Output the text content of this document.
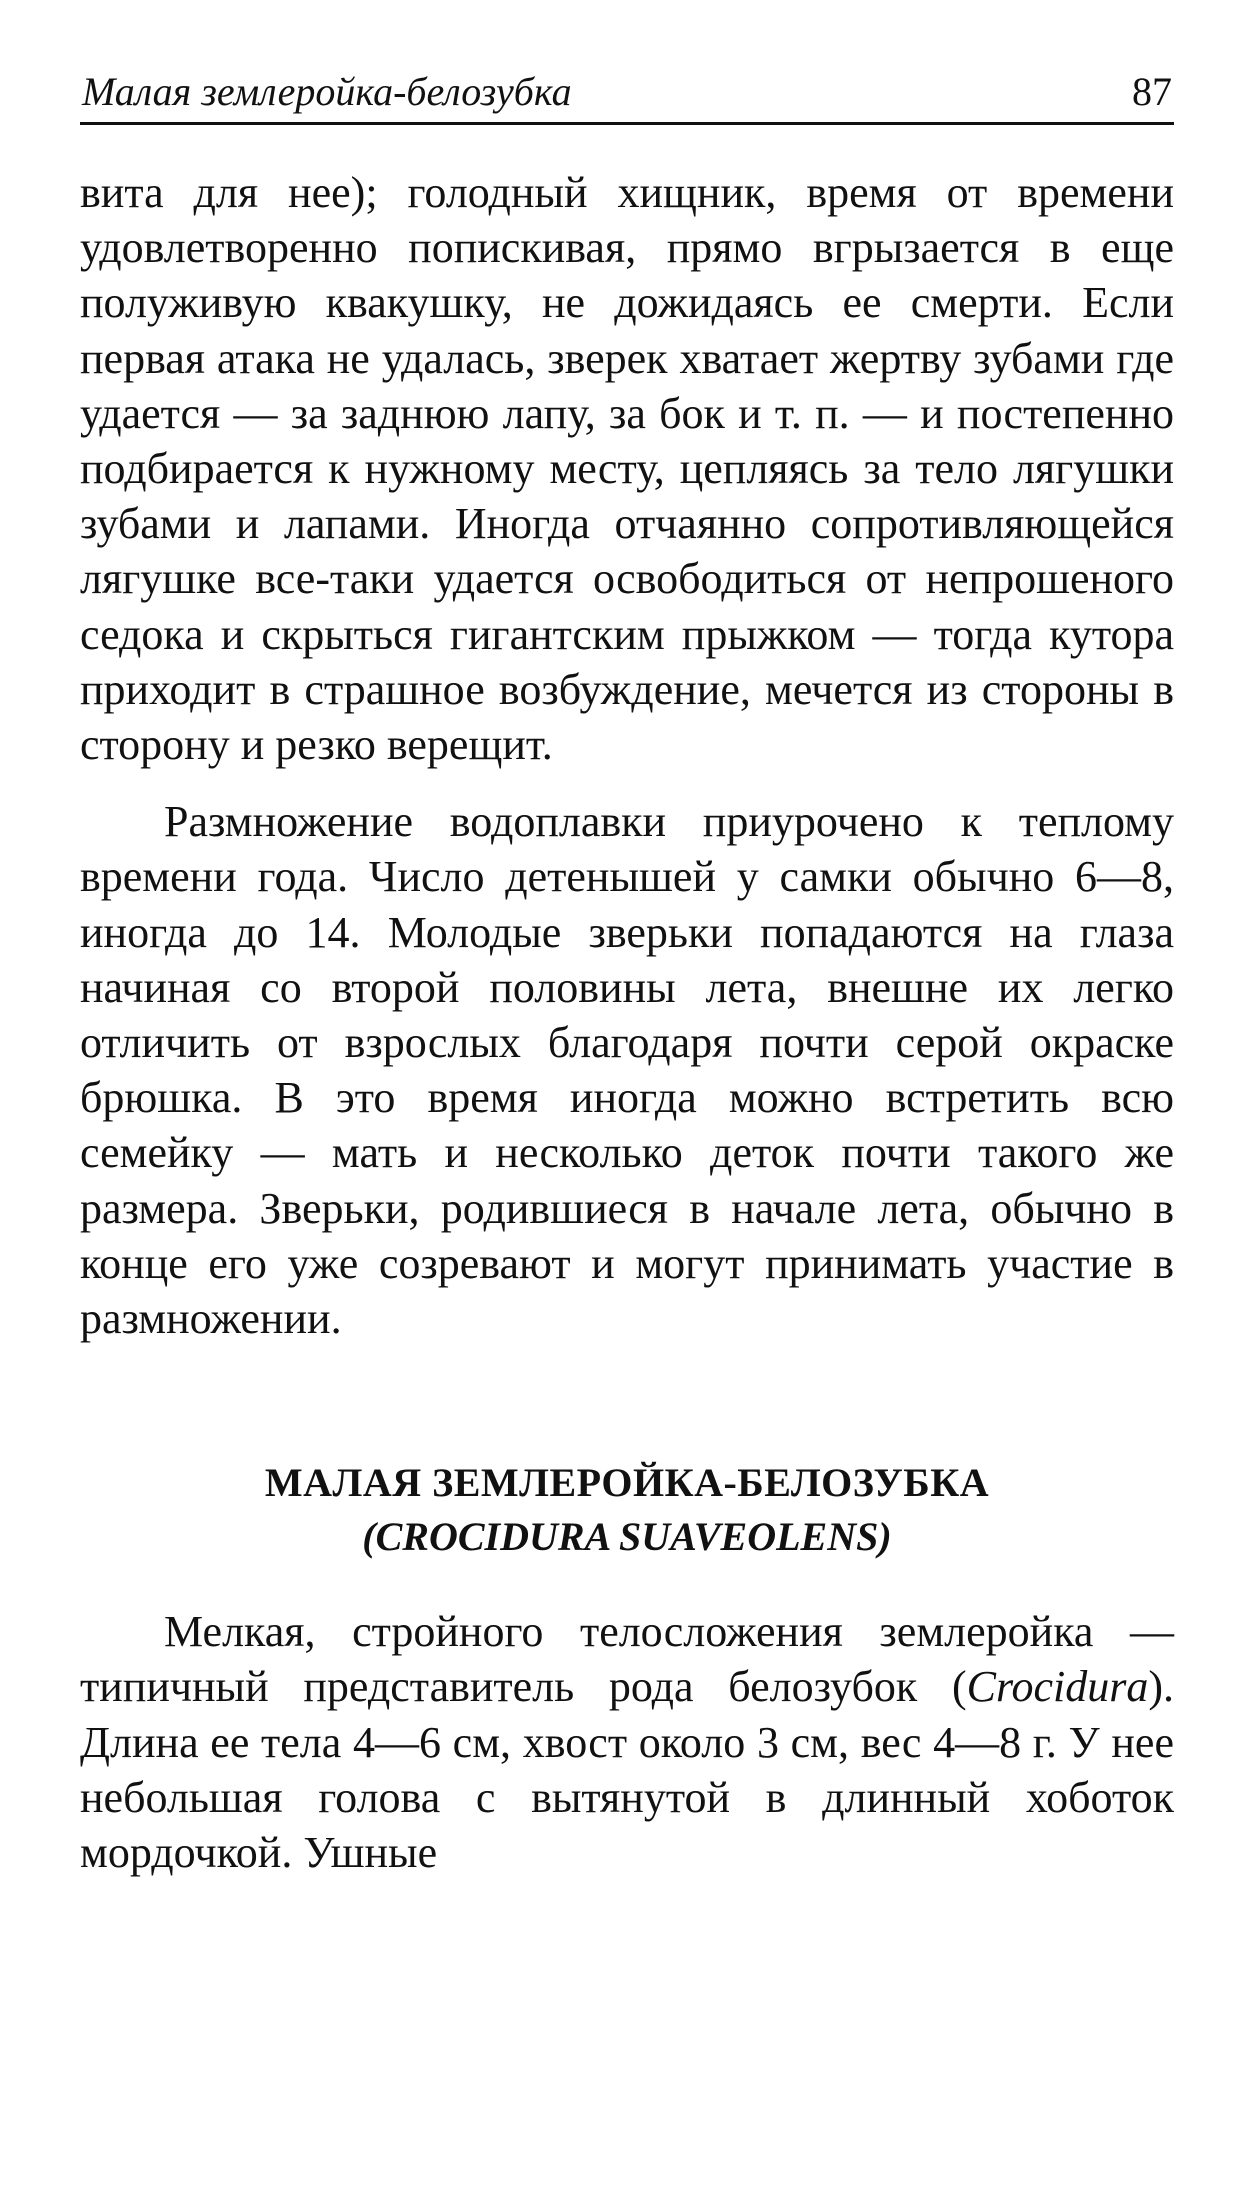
Малая землеройка-белозубка	87

вита для нее); голодный хищник, время от времени удовлетворенно попискивая, прямо вгрызается в еще полуживую квакушку, не дожидаясь ее смерти. Если первая атака не удалась, зверек хватает жертву зубами где удается — за заднюю лапу, за бок и т. п. — и постепенно подбирается к нужному месту, цепляясь за тело лягушки зубами и лапами. Иногда отчаянно сопротивляющейся лягушке все-таки удается освободиться от непрошеного седока и скрыться гигантским прыжком — тогда кутора приходит в страшное возбуждение, мечется из стороны в сторону и резко верещит.

Размножение водоплавки приурочено к теплому времени года. Число детенышей у самки обычно 6—8, иногда до 14. Молодые зверьки попадаются на глаза начиная со второй половины лета, внешне их легко отличить от взрослых благодаря почти серой окраске брюшка. В это время иногда можно встретить всю семейку — мать и несколько деток почти такого же размера. Зверьки, родившиеся в начале лета, обычно в конце его уже созревают и могут принимать участие в размножении.

МАЛАЯ ЗЕМЛЕРОЙКА-БЕЛОЗУБКА
(CROCIDURA SUAVEOLENS)

Мелкая, стройного телосложения землеройка — типичный представитель рода белозубок (Crocidura). Длина ее тела 4—6 см, хвост около 3 см, вес 4—8 г. У нее небольшая голова с вытянутой в длинный хоботок мордочкой. Ушные
